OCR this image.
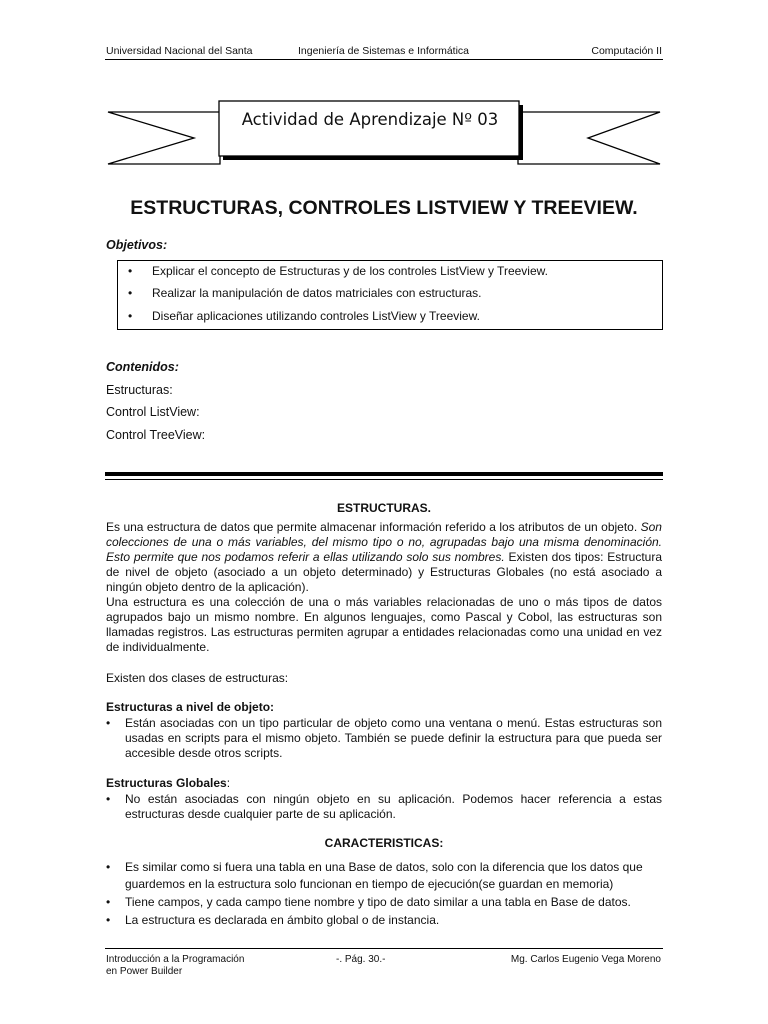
Universidad Nacional del Santa	Ingeniería de Sistemas e Informática	Computación II
Actividad de Aprendizaje Nº 03
ESTRUCTURAS, CONTROLES LISTVIEW Y TREEVIEW.
Objetivos:
• Explicar el concepto de Estructuras y de los controles ListView y Treeview.
• Realizar la manipulación de datos matriciales con estructuras.
• Diseñar aplicaciones utilizando controles ListView y Treeview.
Contenidos:
Estructuras:
Control ListView:
Control TreeView:
ESTRUCTURAS.
Es una estructura de datos que permite almacenar información referido a los atributos de un objeto. Son colecciones de una o más variables, del mismo tipo o no, agrupadas bajo una misma denominación. Esto permite que nos podamos referir a ellas utilizando solo sus nombres. Existen dos tipos: Estructura de nivel de objeto (asociado a un objeto determinado) y Estructuras Globales (no está asociado a ningún objeto dentro de la aplicación).
Una estructura es una colección de una o más variables relacionadas de uno o más tipos de datos agrupados bajo un mismo nombre. En algunos lenguajes, como Pascal y Cobol, las estructuras son llamadas registros. Las estructuras permiten agrupar a entidades relacionadas como una unidad en vez de individualmente.
Existen dos clases de estructuras:
Estructuras a nivel de objeto:
• Están asociadas con un tipo particular de objeto como una ventana o menú. Estas estructuras son usadas en scripts para el mismo objeto. También se puede definir la estructura para que pueda ser accesible desde otros scripts.
Estructuras Globales:
• No están asociadas con ningún objeto en su aplicación. Podemos hacer referencia a estas estructuras desde cualquier parte de su aplicación.
CARACTERISTICAS:
• Es similar como si fuera una tabla en una Base de datos, solo con la diferencia que los datos que guardemos en la estructura solo funcionan en tiempo de ejecución(se guardan en memoria)
• Tiene campos, y cada campo tiene nombre y tipo de dato similar a una tabla en Base de datos.
• La estructura es declarada en ámbito global o de instancia.
Introducción a la Programación
en Power Builder
-. Pág. 30.-	Mg. Carlos Eugenio Vega Moreno
